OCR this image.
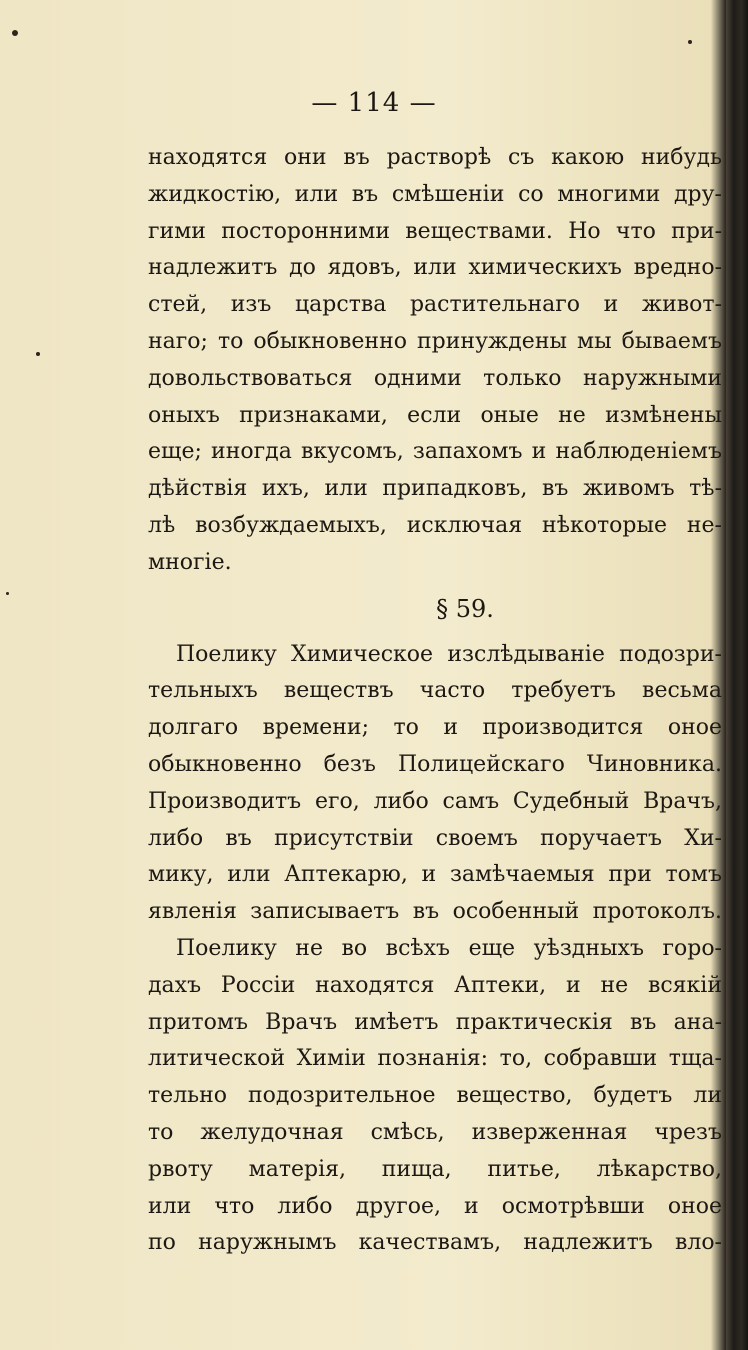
— 114 —
находятся они въ растворѣ съ какою нибудь
жидкостію, или въ смѣшеніи со многими дру-
гими посторонними веществами. Но что при-
надлежитъ до ядовъ, или химическихъ вредно-
стей, изъ царства растительнаго и живот-
наго; то обыкновенно принуждены мы бываемъ
довольствоваться одними только наружными
оныхъ признаками, если оные не измѣнены
еще; иногда вкусомъ, запахомъ и наблюденіемъ
дѣйствія ихъ, или припадковъ, въ живомъ тѣ-
лѣ возбуждаемыхъ, исключая нѣкоторые не-
многіе.
§ 59.
Поелику Химическое изслѣдываніе подозри-
тельныхъ веществъ часто требуетъ весьма
долгаго времени; то и производится оное
обыкновенно безъ Полицейскаго Чиновника.
Производитъ его, либо самъ Судебный Врачъ,
либо въ присутствіи своемъ поручаетъ Хи-
мику, или Аптекарю, и замѣчаемыя при томъ
явленія записываетъ въ особенный протоколъ.
Поелику не во всѣхъ еще уѣздныхъ горо-
дахъ Россіи находятся Аптеки, и не всякій
притомъ Врачъ имѣетъ практическія въ ана-
литической Химіи познанія: то, собравши тща-
тельно подозрительное вещество, будетъ ли
то желудочная смѣсь, изверженная чрезъ
рвоту матерія, пища, питье, лѣкарство,
или что либо другое, и осмотрѣвши оное
по наружнымъ качествамъ, надлежитъ вло-
